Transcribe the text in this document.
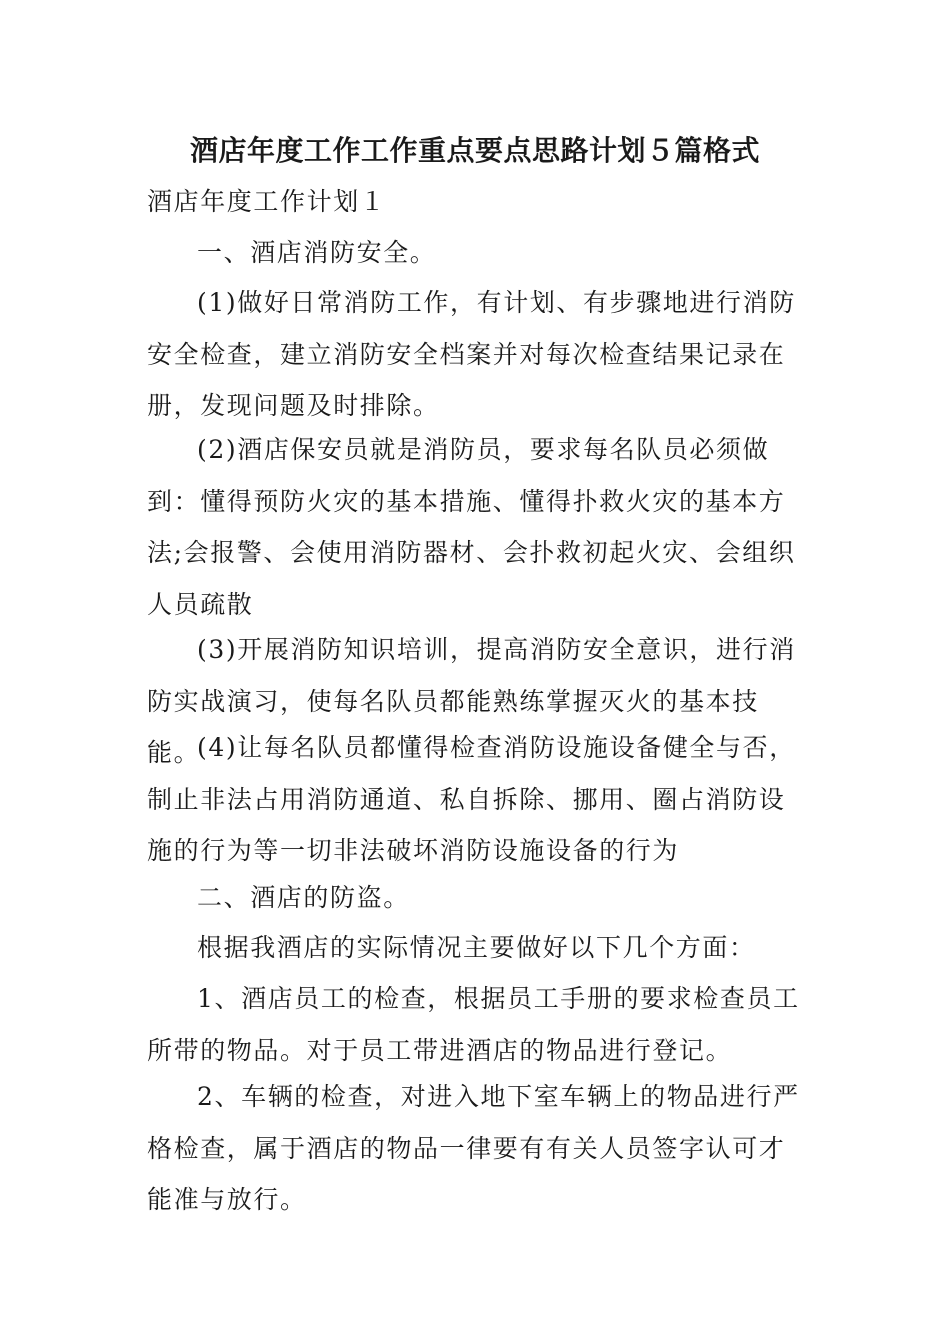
酒店年度工作工作重点要点思路计划５篇格式

酒店年度工作计划１

一、酒店消防安全。

(1)做好日常消防工作，有计划、有步骤地进行消防安全检查，建立消防安全档案并对每次检查结果记录在册，发现问题及时排除。

(2)酒店保安员就是消防员，要求每名队员必须做到：懂得预防火灾的基本措施、懂得扑救火灾的基本方法;会报警、会使用消防器材、会扑救初起火灾、会组织人员疏散

(3)开展消防知识培训，提高消防安全意识，进行消防实战演习，使每名队员都能熟练掌握灭火的基本技能。

(4)让每名队员都懂得检查消防设施设备健全与否，制止非法占用消防通道、私自拆除、挪用、圈占消防设施的行为等一切非法破坏消防设施设备的行为

二、酒店的防盗。

根据我酒店的实际情况主要做好以下几个方面：

1、酒店员工的检查，根据员工手册的要求检查员工所带的物品。对于员工带进酒店的物品进行登记。

2、车辆的检查，对进入地下室车辆上的物品进行严格检查，属于酒店的物品一律要有有关人员签字认可才能准与放行。
